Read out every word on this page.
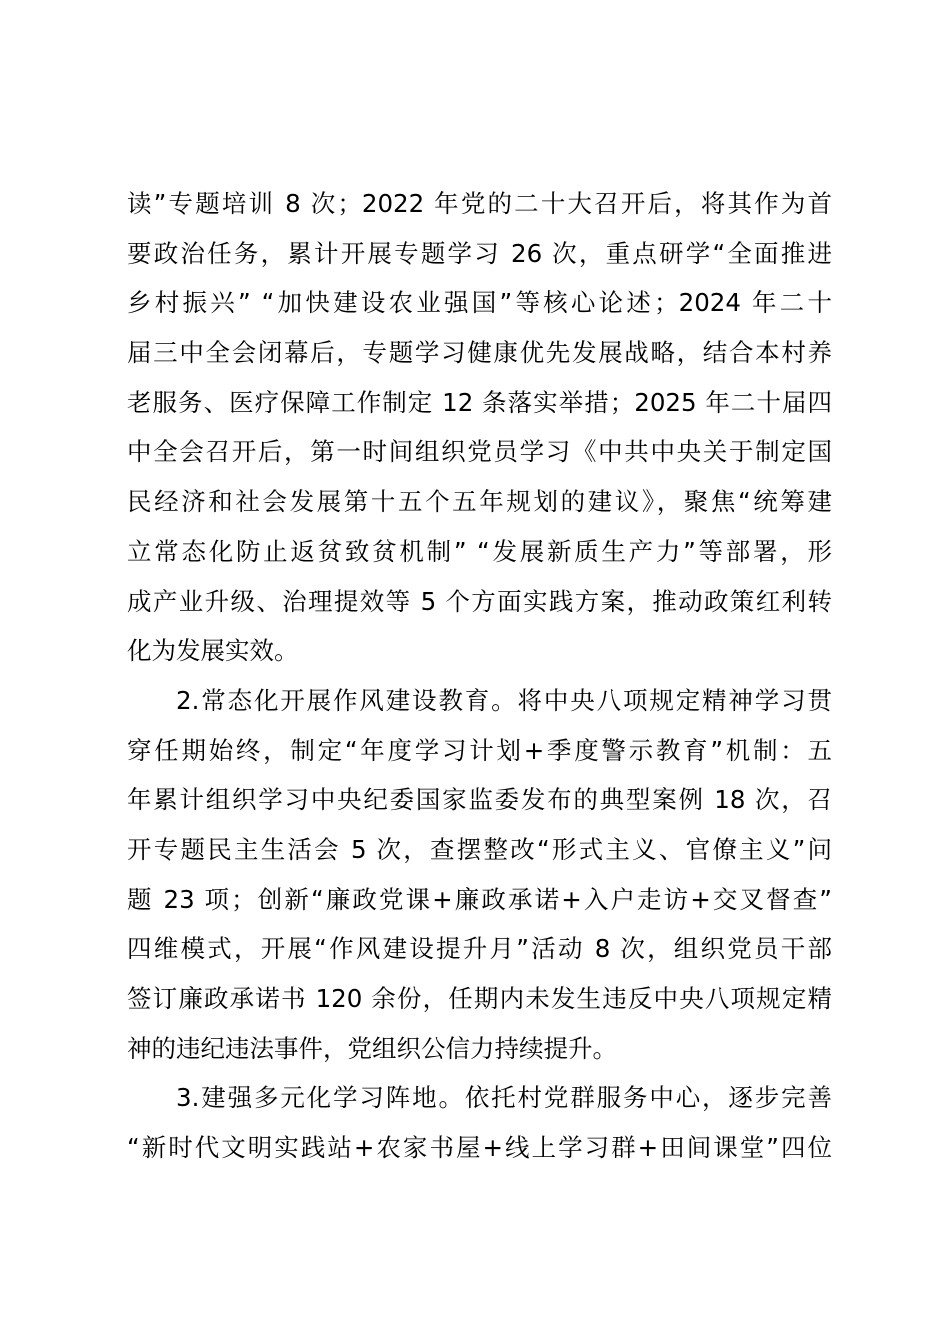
读”专题培训 8 次；2022 年党的二十大召开后，将其作为首
要政治任务，累计开展专题学习 26 次，重点研学“全面推进
乡村振兴” “加快建设农业强国”等核心论述；2024 年二十
届三中全会闭幕后，专题学习健康优先发展战略，结合本村养
老服务、医疗保障工作制定 12 条落实举措；2025 年二十届四
中全会召开后，第一时间组织党员学习《中共中央关于制定国
民经济和社会发展第十五个五年规划的建议》，聚焦“统筹建
立常态化防止返贫致贫机制” “发展新质生产力”等部署，形
成产业升级、治理提效等 5 个方面实践方案，推动政策红利转
化为发展实效。
2.常态化开展作风建设教育。将中央八项规定精神学习贯
穿任期始终，制定“年度学习计划+季度警示教育”机制：五
年累计组织学习中央纪委国家监委发布的典型案例 18 次，召
开专题民主生活会 5 次，查摆整改“形式主义、官僚主义”问
题 23 项；创新“廉政党课+廉政承诺+入户走访+交叉督查”
四维模式，开展“作风建设提升月”活动 8 次，组织党员干部
签订廉政承诺书 120 余份，任期内未发生违反中央八项规定精
神的违纪违法事件，党组织公信力持续提升。
3.建强多元化学习阵地。依托村党群服务中心，逐步完善
“新时代文明实践站+农家书屋+线上学习群+田间课堂”四位
